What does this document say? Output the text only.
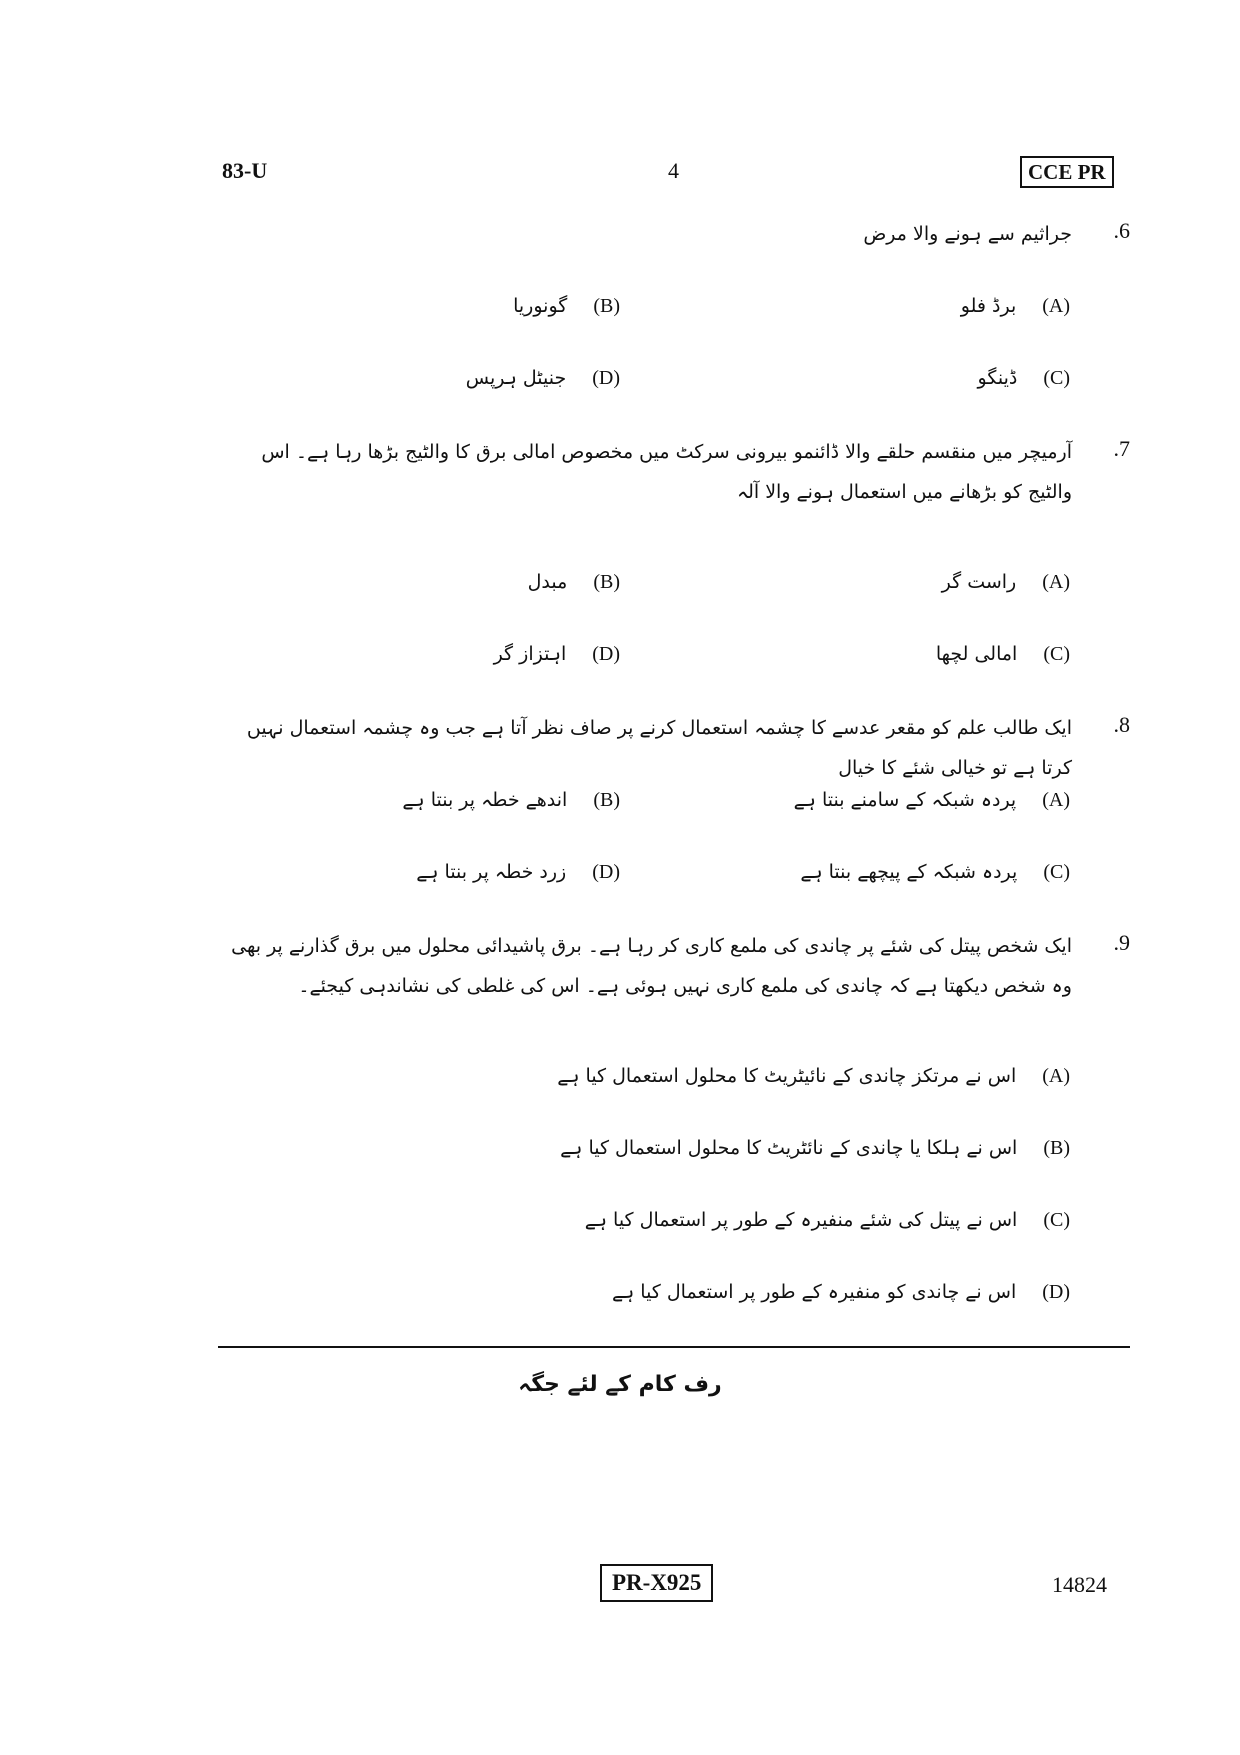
83-U	4	CCE PR
.6
جراثیم سے ہونے والا مرض
(A)برڈ فلو
(B)گونوریا
(C)ڈینگو
(D)جنیٹل ہرپس
.7
آرمیچر میں منقسم حلقے والا ڈائنمو بیرونی سرکٹ میں مخصوص امالی برق کا والٹیج بڑھا رہا ہے۔ اس والٹیج کو بڑھانے میں استعمال ہونے والا آلہ
(A)راست گر
(B)مبدل
(C)امالی لچھا
(D)اہتزاز گر
.8
ایک طالب علم کو مقعر عدسے کا چشمہ استعمال کرنے پر صاف نظر آتا ہے جب وہ چشمہ استعمال نہیں کرتا ہے تو خیالی شئے کا خیال
(A)پردہ شبکہ کے سامنے بنتا ہے
(B)اندھے خطہ پر بنتا ہے
(C)پردہ شبکہ کے پیچھے بنتا ہے
(D)زرد خطہ پر بنتا ہے
.9
ایک شخص پیتل کی شئے پر چاندی کی ملمع کاری کر رہا ہے۔ برق پاشیدائی محلول میں برق گذارنے پر بھی وہ شخص دیکھتا ہے کہ چاندی کی ملمع کاری نہیں ہوئی ہے۔ اس کی غلطی کی نشاندہی کیجئے۔
(A)اس نے مرتکز چاندی کے نائیٹریٹ کا محلول استعمال کیا ہے
(B)اس نے ہلکا یا چاندی کے نائٹریٹ کا محلول استعمال کیا ہے
(C)اس نے پیتل کی شئے منفیرہ کے طور پر استعمال کیا ہے
(D)اس نے چاندی کو منفیرہ کے طور پر استعمال کیا ہے
رف کام کے لئے جگہ
PR-X925	14824
